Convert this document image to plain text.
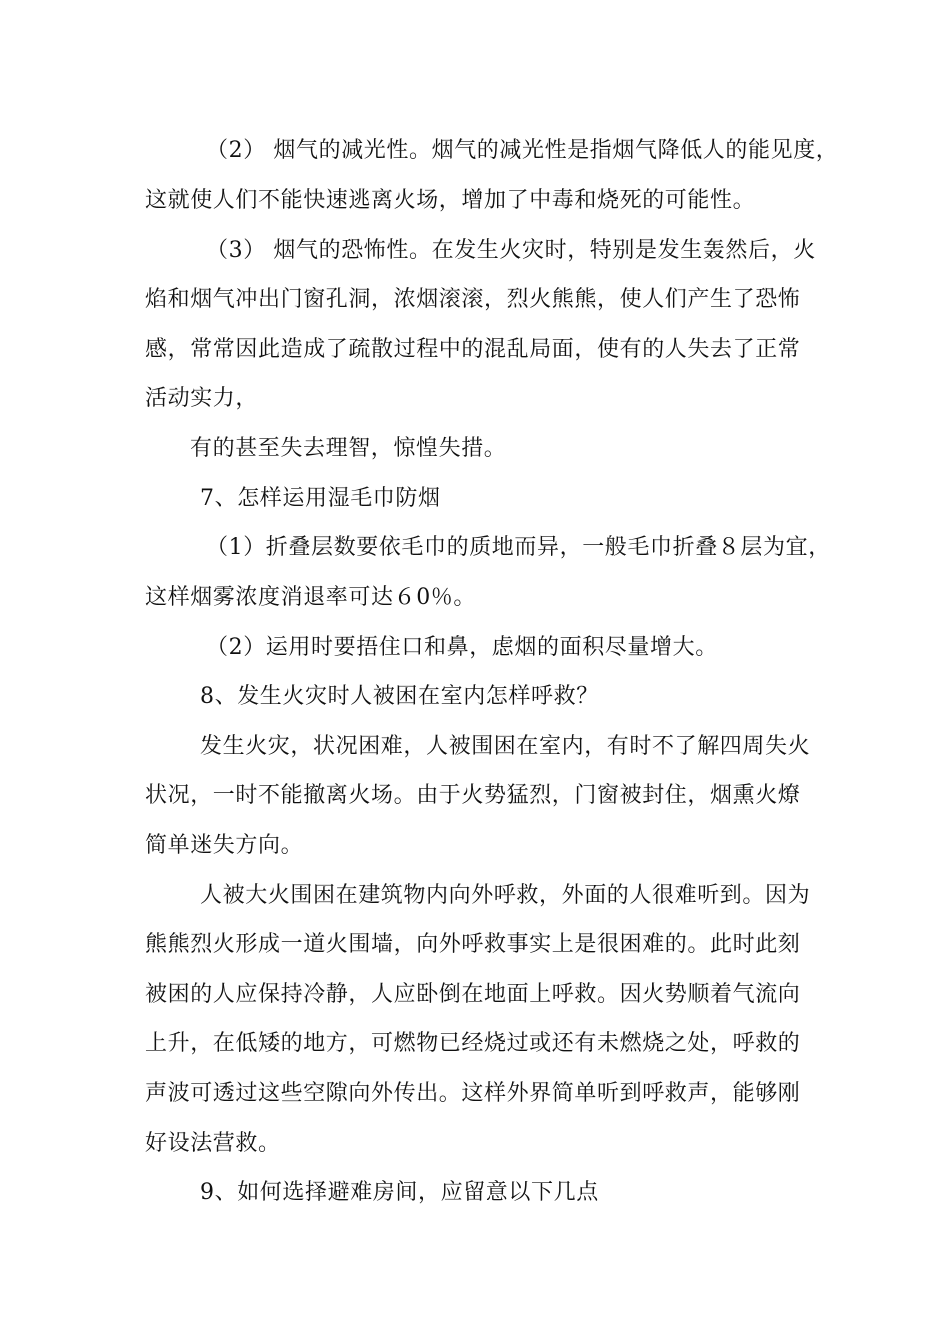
（2） 烟气的减光性。烟气的减光性是指烟气降低人的能见度，
这就使人们不能快速逃离火场，增加了中毒和烧死的可能性。
（3） 烟气的恐怖性。在发生火灾时，特别是发生轰然后，火
焰和烟气冲出门窗孔洞，浓烟滚滚，烈火熊熊，使人们产生了恐怖
感，常常因此造成了疏散过程中的混乱局面，使有的人失去了正常
活动实力，
有的甚至失去理智，惊惶失措。
7、怎样运用湿毛巾防烟
（1）折叠层数要依毛巾的质地而异，一般毛巾折叠８层为宜，
这样烟雾浓度消退率可达６0％。
（2）运用时要捂住口和鼻，虑烟的面积尽量增大。
8、发生火灾时人被困在室内怎样呼救？
发生火灾，状况困难，人被围困在室内，有时不了解四周失火
状况，一时不能撤离火场。由于火势猛烈，门窗被封住，烟熏火燎
简单迷失方向。
人被大火围困在建筑物内向外呼救，外面的人很难听到。因为
熊熊烈火形成一道火围墙，向外呼救事实上是很困难的。此时此刻
被困的人应保持冷静，人应卧倒在地面上呼救。因火势顺着气流向
上升，在低矮的地方，可燃物已经烧过或还有未燃烧之处，呼救的
声波可透过这些空隙向外传出。这样外界简单听到呼救声，能够刚
好设法营救。
9、如何选择避难房间，应留意以下几点
